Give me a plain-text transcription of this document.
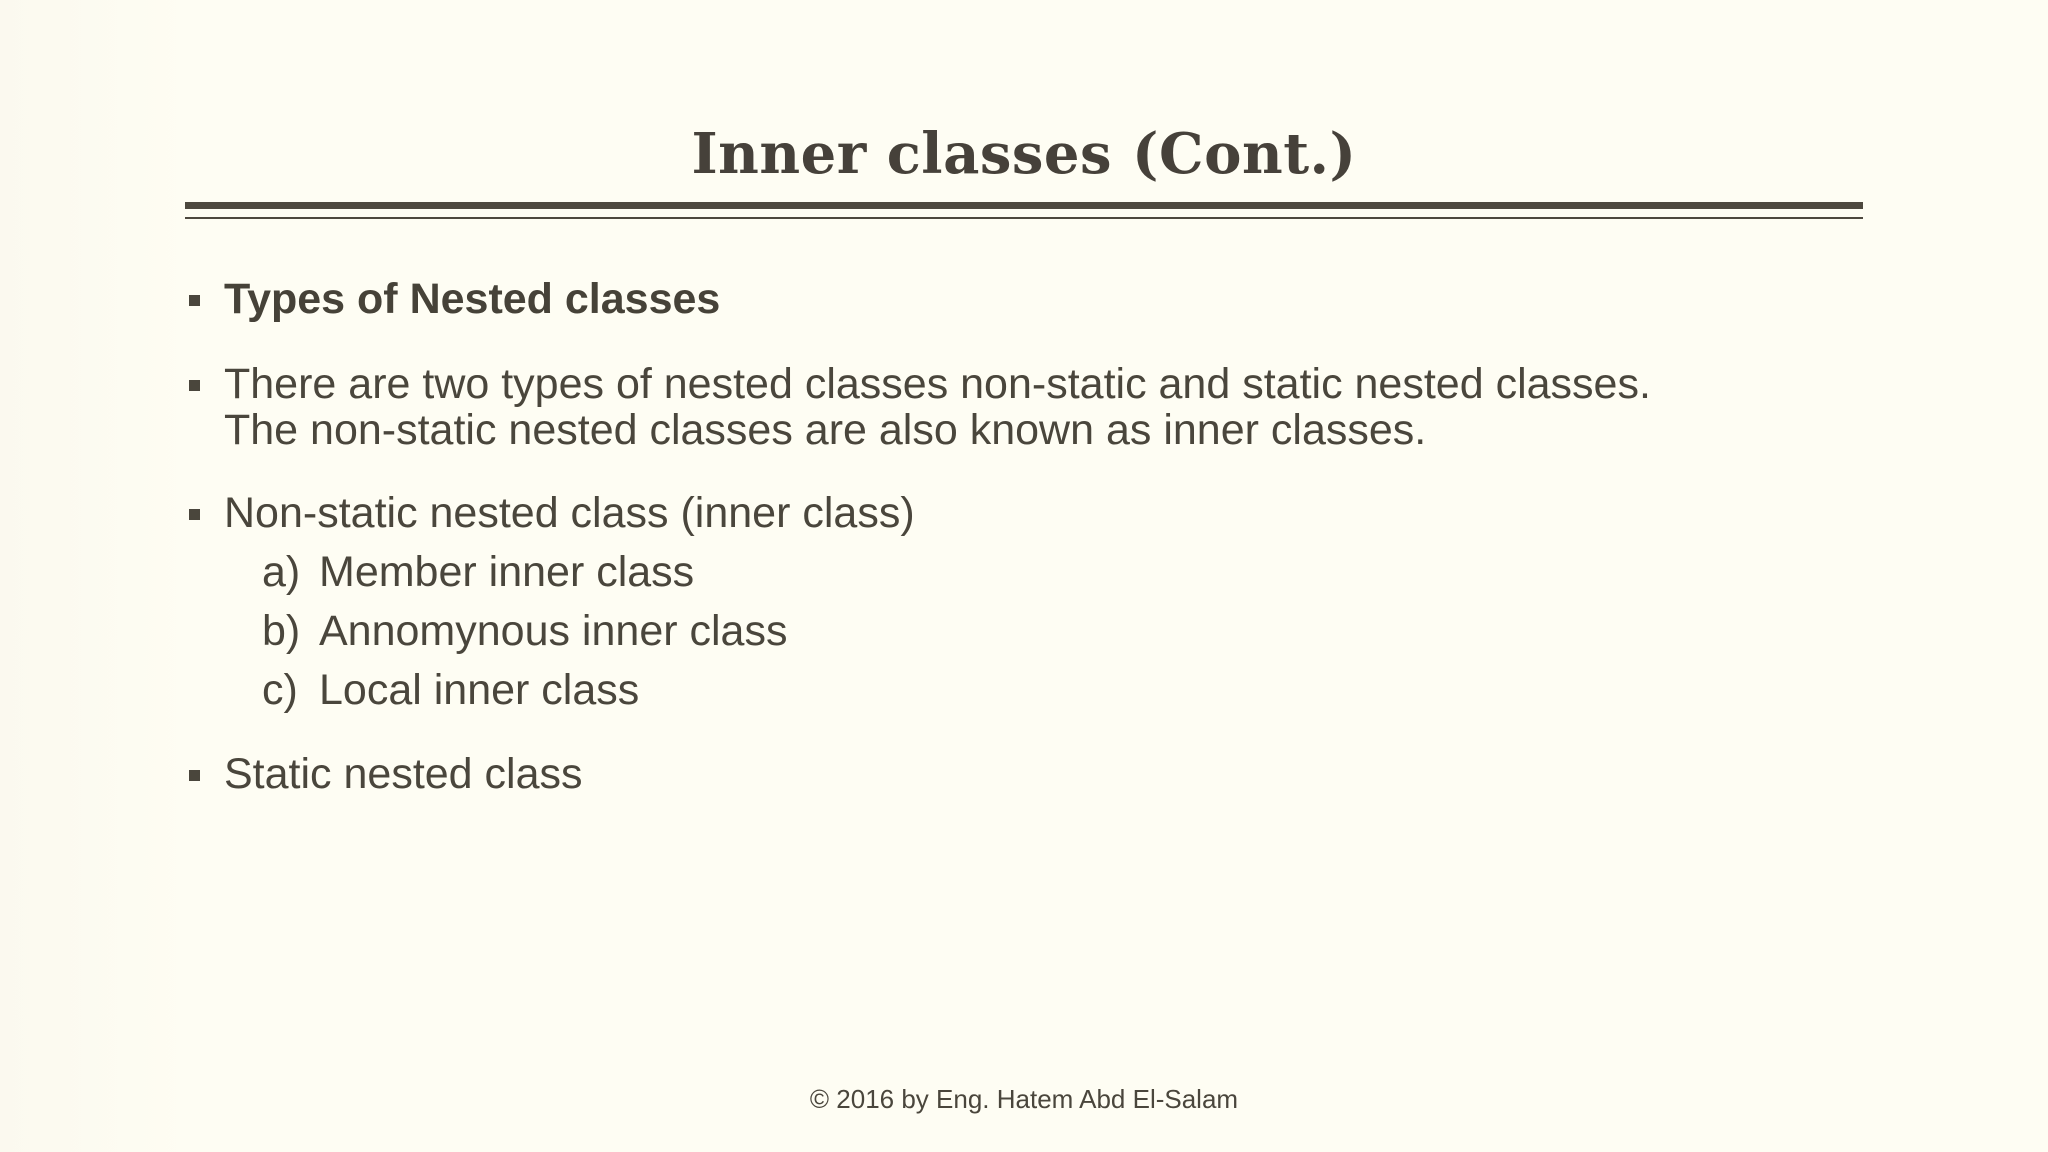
Inner classes (Cont.)
Types of Nested classes
There are two types of nested classes non-static and static nested classes.
The non-static nested classes are also known as inner classes.
Non-static nested class (inner class)
a) Member inner class
b) Annomynous inner class
c) Local inner class
Static nested class
© 2016 by Eng. Hatem Abd El-Salam
